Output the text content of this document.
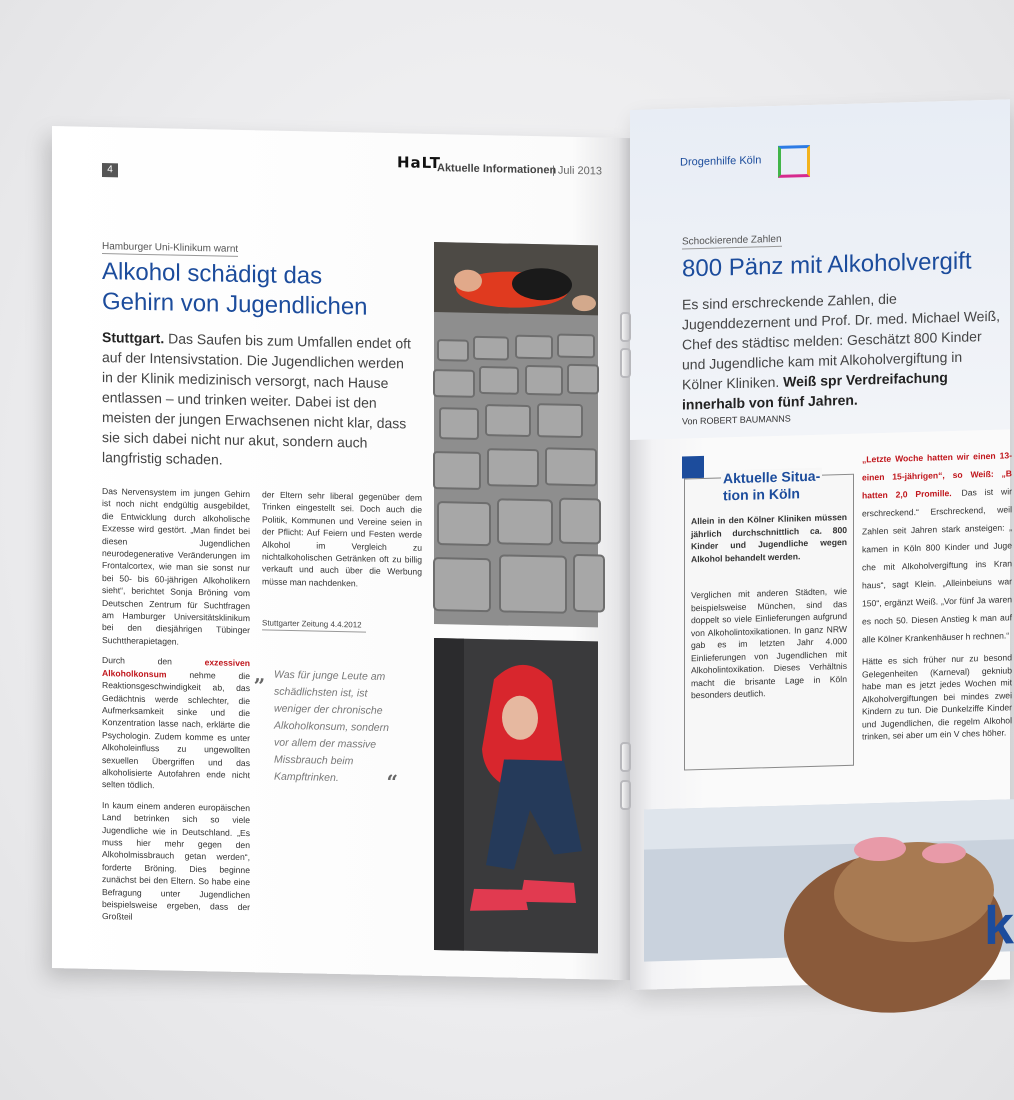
4	HaLT
Aktuelle Informationen
| Juli 2013
Hamburger Uni-Klinikum warnt
Alkohol schädigt das
Gehirn von Jugendlichen
Stuttgart. Das Saufen bis zum Umfallen endet oft auf der Intensivstation. Die Jugendlichen werden in der Klinik medizinisch versorgt, nach Hause entlassen – und trinken weiter. Dabei ist den meisten der jungen Erwachsenen nicht klar, dass sie sich dabei nicht nur akut, sondern auch langfristig schaden.

Das Nervensystem im jungen Gehirn ist noch nicht endgültig ausgebildet, die Entwicklung durch alkoholische Exzesse wird gestört. „Man findet bei diesen Jugendlichen neurodegenerative Veränderungen im Frontalcortex, wie man sie sonst nur bei 50- bis 60-jährigen Alkoholikern sieht“, berichtet Sonja Bröning vom Deutschen Zentrum für Suchtfragen am Hamburger Universitätsklinikum bei den diesjährigen Tübinger Suchttherapietagen.

Durch den	exzessiven Alkoholkonsum	nehme die Reaktionsgeschwindigkeit ab, das Gedächtnis werde schlechter, die Aufmerksamkeit sinke und die Konzentration lasse nach, erklärte die Psychologin. Zudem komme es unter Alkoholeinfluss zu ungewollten sexuellen Übergriffen und das alkoholisierte Autofahren ende nicht selten tödlich.

In kaum einem anderen europäischen Land betrinken sich so viele Jugendliche wie in Deutschland. „Es muss hier mehr gegen den Alkoholmissbrauch getan werden“, forderte Bröning. Dies beginne zunächst bei den Eltern. So habe eine Befragung unter Jugendlichen beispielsweise ergeben, dass der Großteil

der Eltern sehr liberal gegenüber dem Trinken eingestellt sei. Doch auch die Politik, Kommunen und Vereine seien in der Pflicht: Auf Feiern und Festen werde Alkohol im Vergleich zu nichtalkoholischen Getränken oft zu billig verkauft und auch über die Werbung müsse man nachdenken.

Stuttgarter Zeitung 4.4.2012
„ Was für junge Leute am schädlichsten ist, ist weniger der chronische Alkoholkonsum, sondern vor allem der massive Missbrauch beim Kampftrinken.	“
Drogenhilfe Köln
Schockierende Zahlen
800 Pänz mit Alkoholvergift
Es sind erschreckende Zahlen, die Jugenddezernent und Prof. Dr. med. Michael Weiß, Chef des städtisc melden: Geschätzt 800 Kinder und Jugendliche kam mit Alkoholvergiftung in Kölner Kliniken. Weiß spr Verdreifachung innerhalb von fünf Jahren.
Von ROBERT BAUMANNS
Aktuelle Situa-
tion in Köln
Allein in den Kölner Kliniken müssen jährlich durchschnittlich ca. 800 Kinder und Jugendliche wegen Alkohol behandelt werden.
Verglichen mit anderen Städten, wie beispielsweise München, sind das doppelt so viele Einlieferungen aufgrund von Alkoholintoxikationen. In ganz NRW gab es im letzten Jahr 4.000 Einlieferungen von Jugendlichen mit Alkoholintoxikation. Dieses Verhältnis macht die brisante Lage in Köln besonders deutlich.
„Letzte Woche hatten wir einen 13- einen 15-jährigen“, so Weiß: „B hatten 2,0 Promille. Das ist wir erschreckend.“ Erschreckend, weil Zahlen seit Jahren stark ansteigen: „ kamen in Köln 800 Kinder und Juge che mit Alkoholvergiftung ins Kran haus“, sagt Klein. „Alleinbeiuns war 150“, ergänzt Weiß. „Vor fünf Ja waren es noch 50. Diesen Anstieg k man auf alle Kölner Krankenhäuser h rechnen.“

Hätte es sich früher nur zu besond Gelegenheiten (Karneval) gekniub habe man es jetzt jedes Wochen mit Alkoholvergiftungen bei mindes zwei Kindern zu tun. Die Dunkelziffe Kinder und Jugendlichen, die regelm Alkohol trinken, sei aber um ein V ches höher.

k
